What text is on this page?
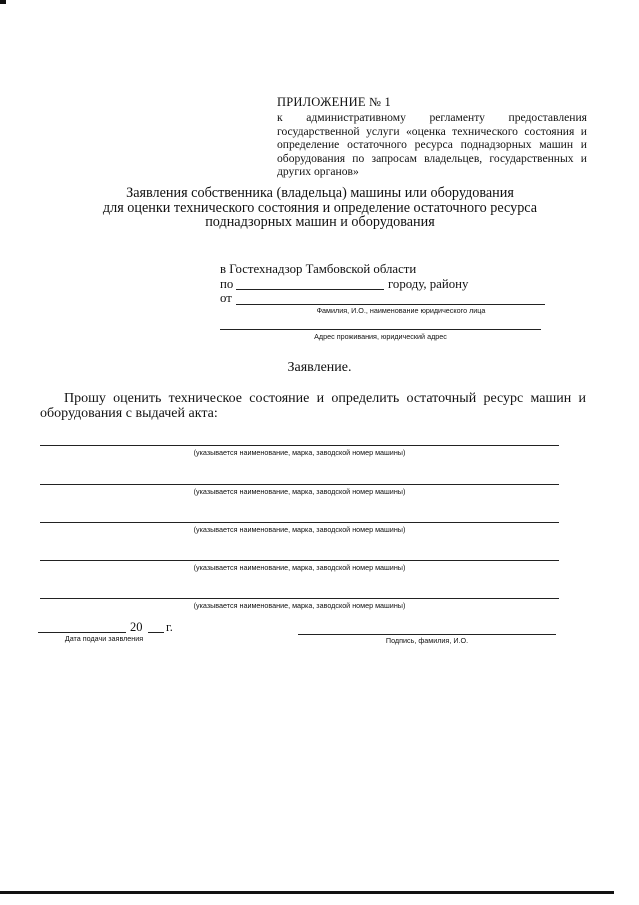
ПРИЛОЖЕНИЕ № 1
к административному регламенту предоставления государственной услуги «оценка технического состояния и определение остаточного ресурса поднадзорных машин и оборудования по запросам владельцев, государственных и других органов»
Заявления собственника (владельца) машины или оборудования
для оценки технического состояния и определение остаточного ресурса
поднадзорных машин и оборудования
в Гостехнадзор Тамбовской области
по	городу, району
от
Фамилия, И.О., наименование юридического лица
Адрес проживания, юридический адрес
Заявление.
Прошу оценить техническое состояние и определить остаточный ресурс машин и оборудования с выдачей акта:
(указывается наименование, марка, заводской номер машины)
(указывается наименование, марка, заводской номер машины)
(указывается наименование, марка, заводской номер машины)
(указывается наименование, марка, заводской номер машины)
(указывается наименование, марка, заводской номер машины)
20 г.
Дата подачи заявления	Подпись, фамилия, И.О.
